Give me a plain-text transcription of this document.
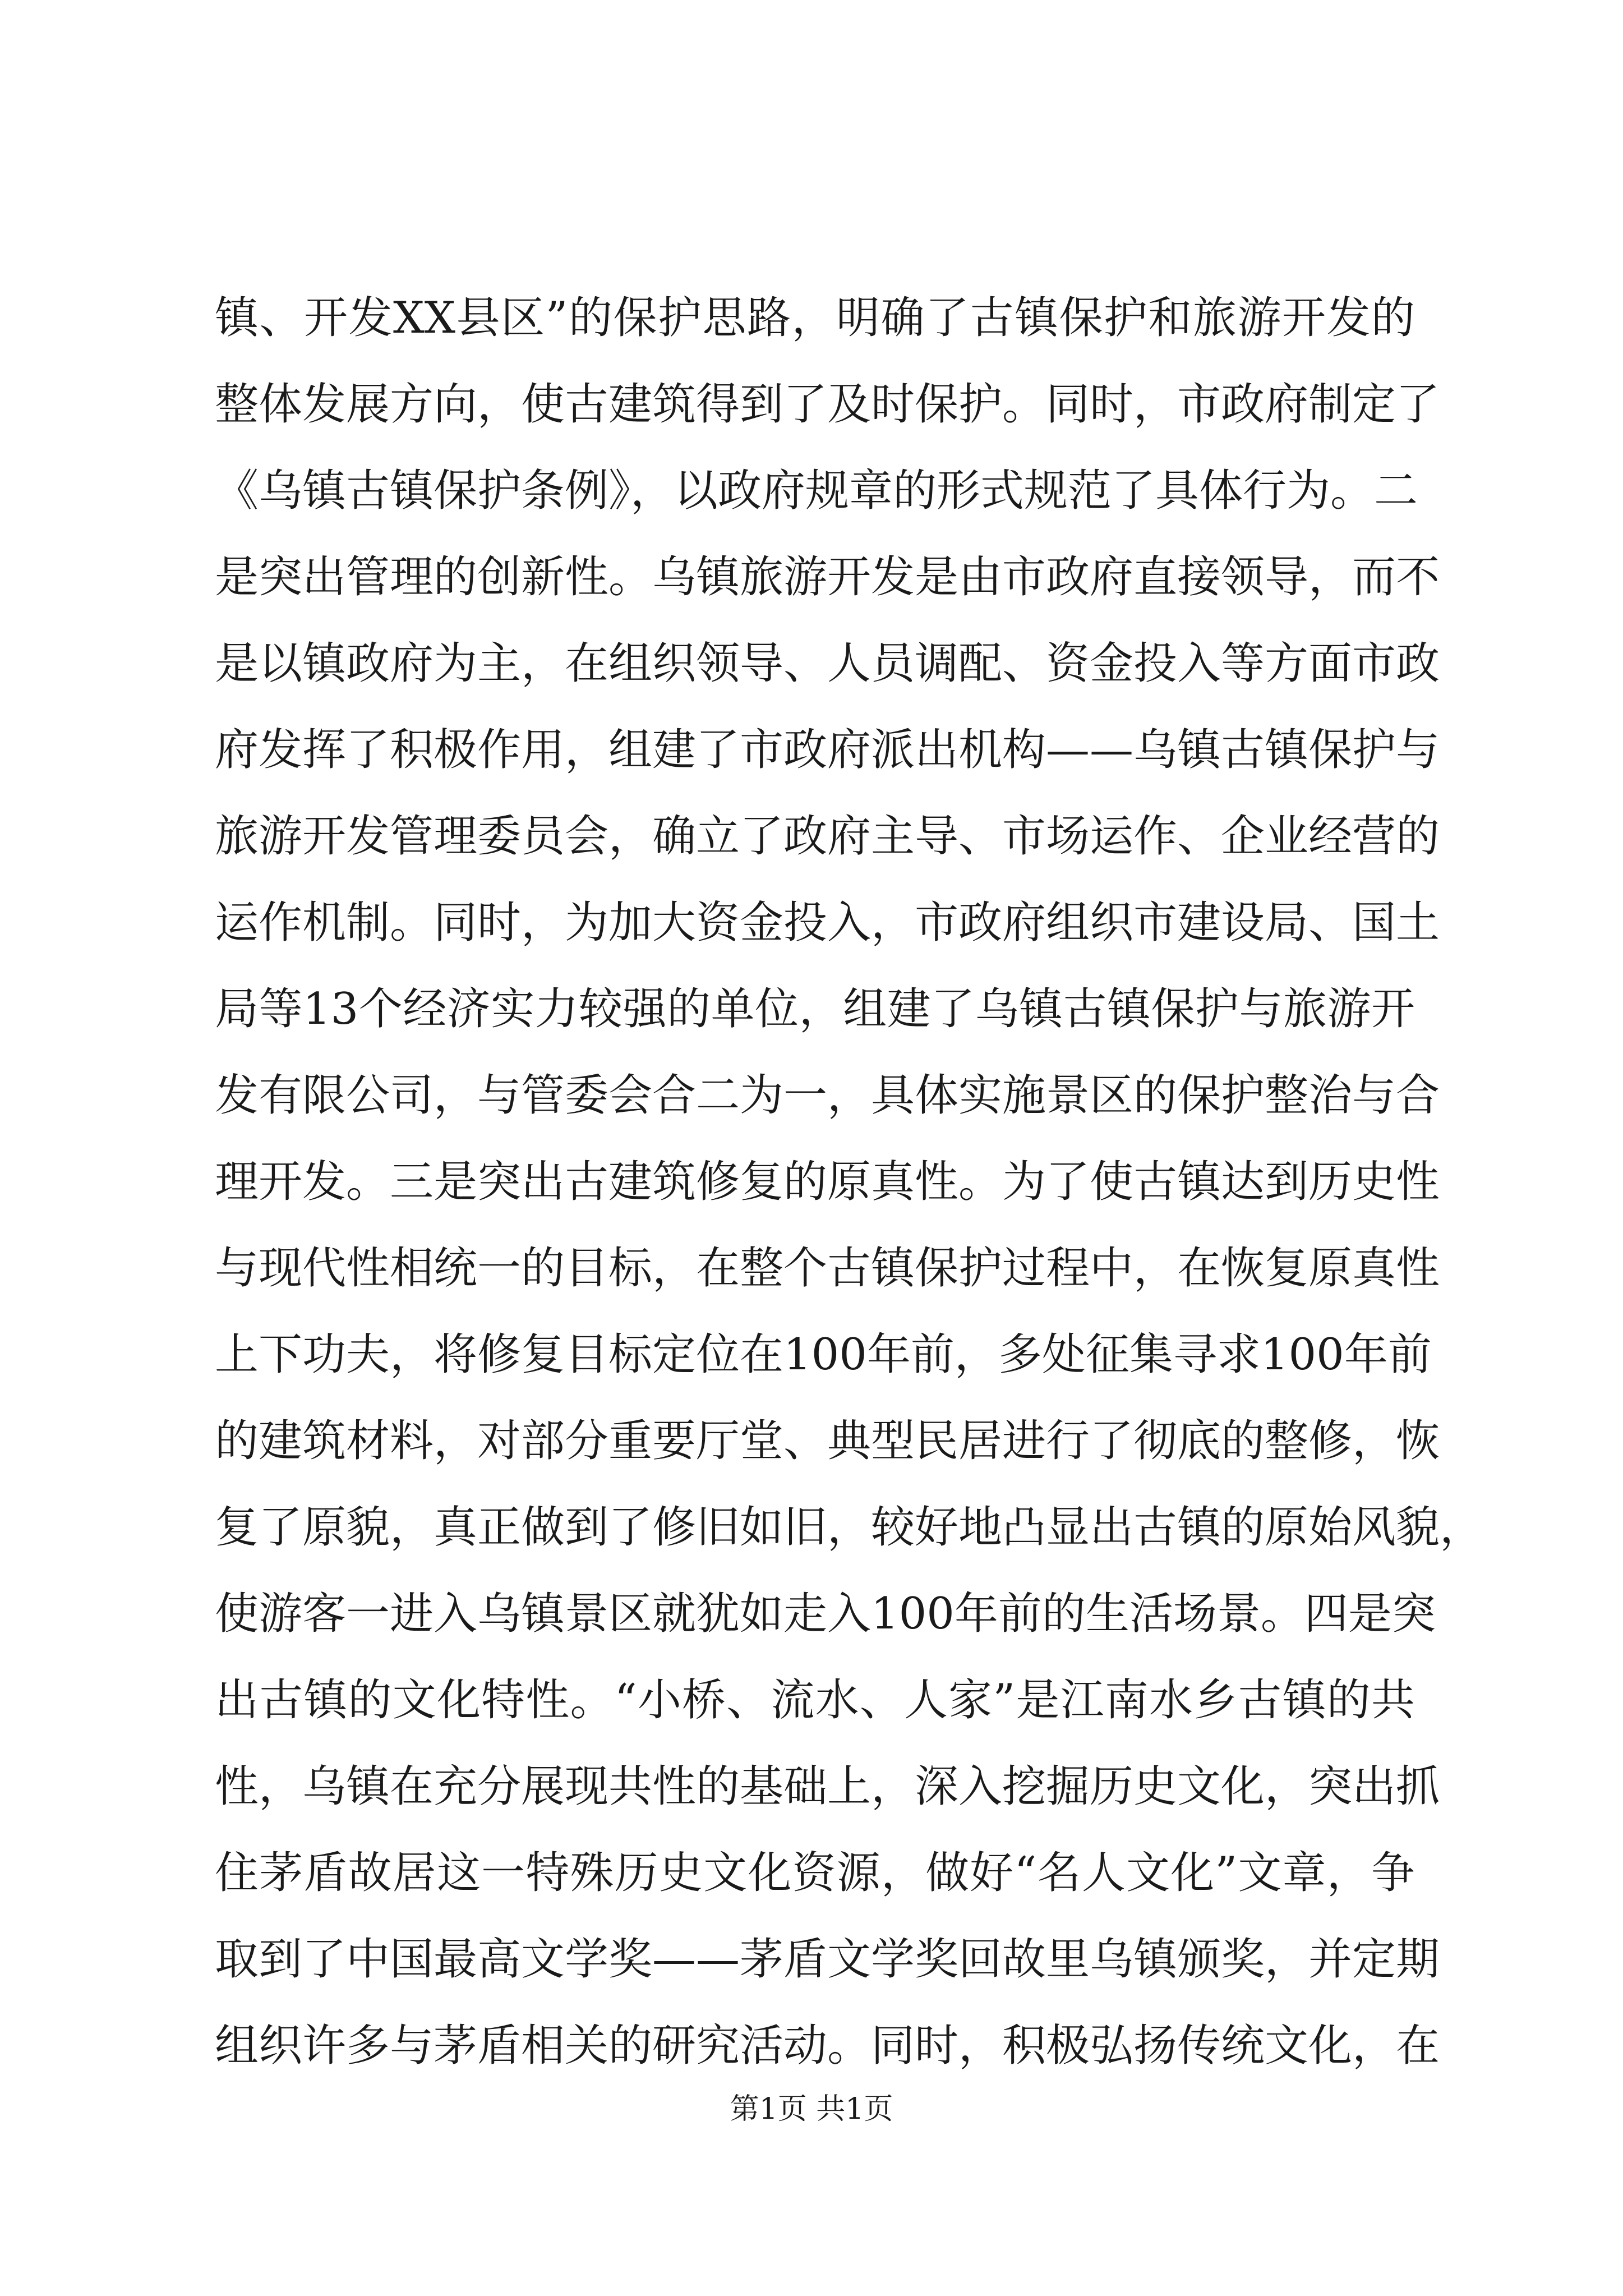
镇、开发XX县区”的保护思路，明确了古镇保护和旅游开发的
整体发展方向，使古建筑得到了及时保护。同时，市政府制定了
《乌镇古镇保护条例》，以政府规章的形式规范了具体行为。二
是突出管理的创新性。乌镇旅游开发是由市政府直接领导，而不
是以镇政府为主，在组织领导、人员调配、资金投入等方面市政
府发挥了积极作用，组建了市政府派出机构——乌镇古镇保护与
旅游开发管理委员会，确立了政府主导、市场运作、企业经营的
运作机制。同时，为加大资金投入，市政府组织市建设局、国土
局等13个经济实力较强的单位，组建了乌镇古镇保护与旅游开
发有限公司，与管委会合二为一，具体实施景区的保护整治与合
理开发。三是突出古建筑修复的原真性。为了使古镇达到历史性
与现代性相统一的目标，在整个古镇保护过程中，在恢复原真性
上下功夫，将修复目标定位在100年前，多处征集寻求100年前
的建筑材料，对部分重要厅堂、典型民居进行了彻底的整修，恢
复了原貌，真正做到了修旧如旧，较好地凸显出古镇的原始风貌，
使游客一进入乌镇景区就犹如走入100年前的生活场景。四是突
出古镇的文化特性。“小桥、流水、人家”是江南水乡古镇的共
性，乌镇在充分展现共性的基础上，深入挖掘历史文化，突出抓
住茅盾故居这一特殊历史文化资源，做好“名人文化”文章，争
取到了中国最高文学奖——茅盾文学奖回故里乌镇颁奖，并定期
组织许多与茅盾相关的研究活动。同时，积极弘扬传统文化，在
第1页 共1页
